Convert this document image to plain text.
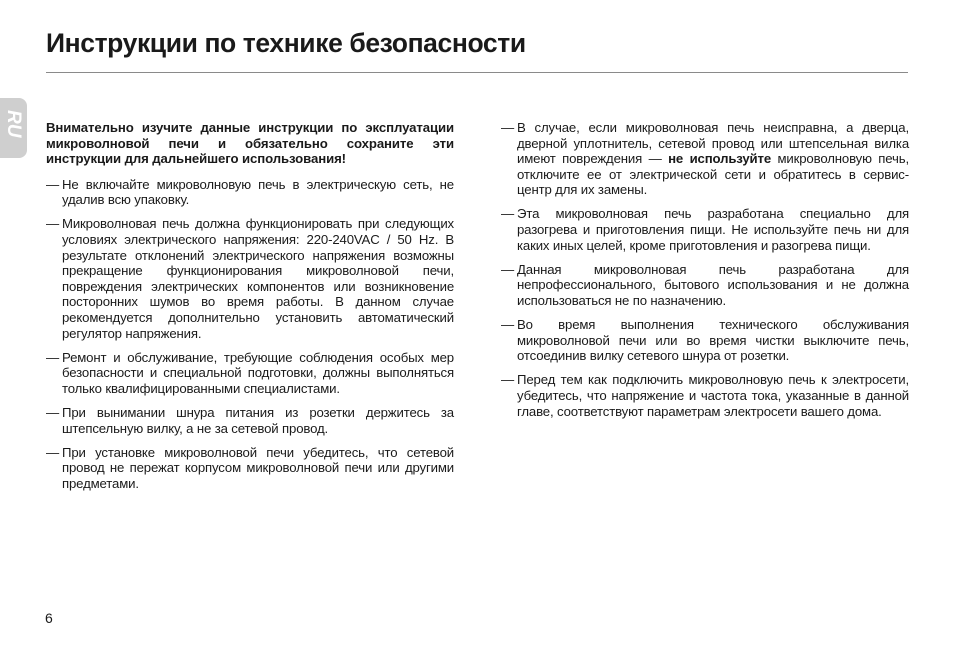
Инструкции по технике безопасности
RU Внимательно изучите данные инструкции по эксплуатации микроволновой печи и обязательно сохраните эти инструкции для дальнейшего использования!

— Не включайте микроволновую печь в электрическую сеть, не удалив всю упаковку.

— Микроволновая печь должна функционировать при следующих условиях электрического напряжения: 220-240VAC / 50 Hz. В результате отклонений электрического напряжения возможны прекращение функционирования микроволновой печи, повреждения электрических компонентов или возникновение посторонних шумов во время работы. В данном случае рекомендуется дополнительно установить автоматический регулятор напряжения.

— Ремонт и обслуживание, требующие соблюдения особых мер безопасности и специальной подготовки, должны выполняться только квалифицированными специалистами.

— При вынимании шнура питания из розетки держитесь за штепсельную вилку, а не за сетевой провод.

— При установке микроволновой печи убедитесь, что сетевой провод не пережат корпусом микроволновой печи или другими предметами.

— В случае, если микроволновая печь неисправна, а дверца, дверной уплотнитель, сетевой провод или штепсельная вилка имеют повреждения — не используйте микроволновую печь, отключите ее от электрической сети и обратитесь в сервис-центр для их замены.

— Эта микроволновая печь разработана специально для разогрева и приготовления пищи. Не используйте печь ни для каких иных целей, кроме приготовления и разогрева пищи.

— Данная микроволновая печь разработана для непрофессионального, бытового использования и не должна использоваться не по назначению.

— Во время выполнения технического обслуживания микроволновой печи или во время чистки выключите печь, отсоединив вилку сетевого шнура от розетки.

— Перед тем как подключить микроволновую печь к электросети, убедитесь, что напряжение и частота тока, указанные в данной главе, соответствуют параметрам электросети вашего дома.

6
